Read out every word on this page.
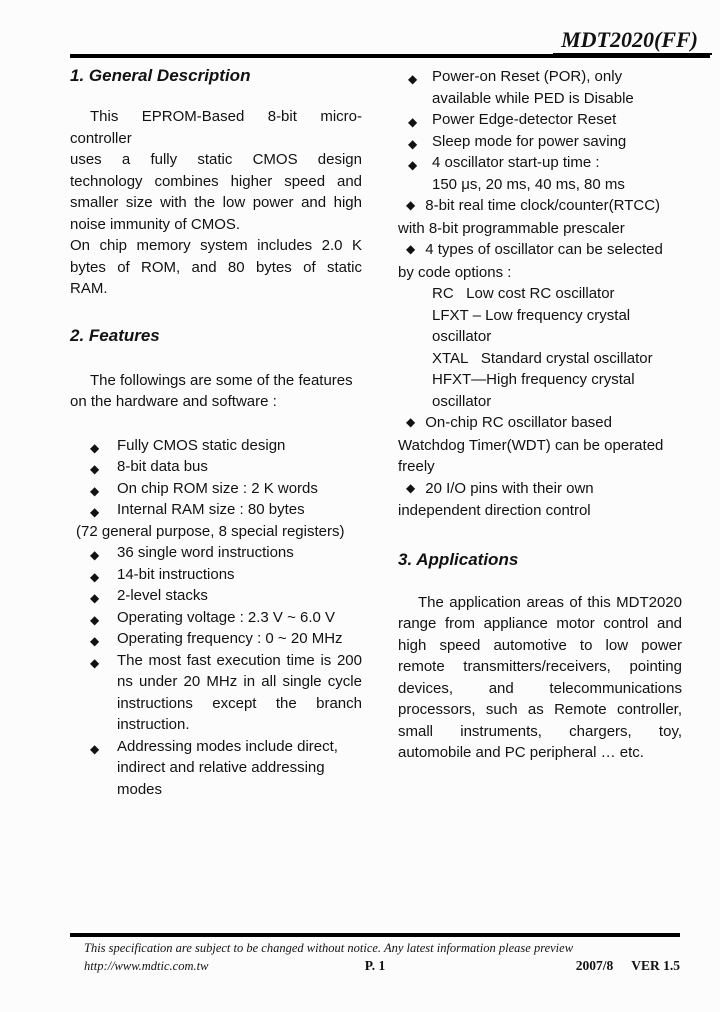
MDT2020(FF)
1. General Description
This EPROM-Based 8-bit micro-controller
uses a fully static CMOS design
technology combines higher speed and
smaller size with the low power and high
noise immunity of CMOS.
On chip memory system includes 2.0 K
bytes of ROM, and 80 bytes of static
RAM.
2. Features
The followings are some of the features
on the hardware and software :
◆ Fully CMOS static design
◆ 8-bit data bus
◆ On chip ROM size : 2 K words
◆ Internal RAM size : 80 bytes
(72 general purpose, 8 special registers)
◆ 36 single word instructions
◆ 14-bit instructions
◆ 2-level stacks
◆ Operating voltage : 2.3 V ~ 6.0 V
◆ Operating frequency : 0 ~ 20 MHz
◆ The most fast execution time is 200
ns under 20 MHz in all single cycle
instructions except the branch
instruction.
◆ Addressing modes include direct,
indirect and relative addressing
modes
◆ Power-on Reset (POR), only
available while PED is Disable
◆ Power Edge-detector Reset
◆ Sleep mode for power saving
◆ 4 oscillator start-up time :
150 μs, 20 ms, 40 ms, 80 ms
◆ 8-bit real time clock/counter(RTCC)
with 8-bit programmable prescaler
◆ 4 types of oscillator can be selected
by code options :
RC   Low cost RC oscillator
LFXT – Low frequency crystal
oscillator
XTAL   Standard crystal oscillator
HFXT—High frequency crystal
oscillator
◆ On-chip RC oscillator based
Watchdog Timer(WDT) can be operated
freely
◆ 20 I/O pins with their own
independent direction control
3. Applications
The application areas of this MDT2020
range from appliance motor control and
high speed automotive to low power
remote transmitters/receivers, pointing
devices, and telecommunications
processors, such as Remote controller,
small instruments, chargers, toy,
automobile and PC peripheral … etc.
This specification are subject to be changed without notice. Any latest information please preview
http://www.mdtic.com.tw	P. 1	2007/8 VER 1.5
